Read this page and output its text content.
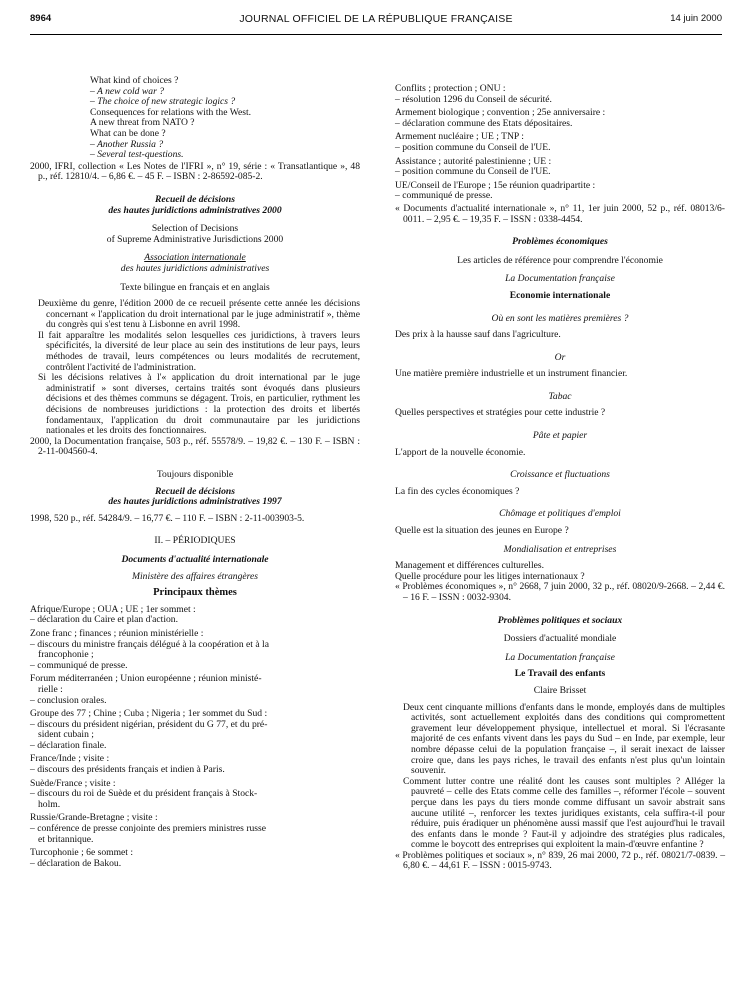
8964	JOURNAL OFFICIEL DE LA RÉPUBLIQUE FRANÇAISE	14 juin 2000
What kind of choices ?
– A new cold war ?
– The choice of new strategic logics ?
Consequences for relations with the West.
A new threat from NATO ?
What can be done ?
– Another Russia ?
– Several test-questions.
2000, IFRI, collection « Les Notes de l'IFRI », n° 19, série : « Transatlantique », 48 p., réf. 12810/4. – 6,86 €. – 45 F. – ISBN : 2-86592-085-2.
Recueil de décisions
des hautes juridictions administratives 2000
Selection of Decisions
of Supreme Administrative Jurisdictions 2000
Association internationale
des hautes juridictions administratives
Texte bilingue en français et en anglais
Deuxième du genre, l'édition 2000 de ce recueil présente cette année les décisions concernant « l'application du droit international par le juge administratif », thème du congrès qui s'est tenu à Lisbonne en avril 1998.
Il fait apparaître les modalités selon lesquelles ces juridictions, à travers leurs spécificités, la diversité de leur place au sein des institutions de leur pays, leurs méthodes de travail, leurs compétences ou leurs modalités de recrutement, contrôlent l'activité de l'administration.
Si les décisions relatives à l'« application du droit international par le juge administratif » sont diverses, certains traités sont évoqués dans plusieurs décisions et des thèmes communs se dégagent. Trois, en particulier, rythment les décisions de nombreuses juridictions : la protection des droits et libertés fondamentaux, l'application du droit communautaire par les juridictions nationales et les droits des fonctionnaires.
2000, la Documentation française, 503 p., réf. 55578/9. – 19,82 €. – 130 F. – ISBN : 2-11-004560-4.
Toujours disponible
Recueil de décisions
des hautes juridictions administratives 1997
1998, 520 p., réf. 54284/9. – 16,77 €. – 110 F. – ISBN : 2-11-003903-5.
II. – PÉRIODIQUES
Documents d'actualité internationale
Ministère des affaires étrangères
Principaux thèmes
Afrique/Europe ; OUA ; UE ; 1er sommet :
– déclaration du Caire et plan d'action.
Zone franc ; finances ; réunion ministérielle :
– discours du ministre français délégué à la coopération et à la
francophonie ;
– communiqué de presse.
Forum méditerranéen ; Union européenne ; réunion ministé-
rielle :
– conclusion orales.
Groupe des 77 ; Chine ; Cuba ; Nigeria ; 1er sommet du Sud :
– discours du président nigérian, président du G 77, et du pré-
sident cubain ;
– déclaration finale.
France/Inde ; visite :
– discours des présidents français et indien à Paris.
Suède/France ; visite :
– discours du roi de Suède et du président français à Stock-
holm.
Russie/Grande-Bretagne ; visite :
– conférence de presse conjointe des premiers ministres russe
et britannique.
Turcophonie ; 6e sommet :
– déclaration de Bakou.
Conflits ; protection ; ONU :
– résolution 1296 du Conseil de sécurité.
Armement biologique ; convention ; 25e anniversaire :
– déclaration commune des Etats dépositaires.
Armement nucléaire ; UE ; TNP :
– position commune du Conseil de l'UE.
Assistance ; autorité palestinienne ; UE :
– position commune du Conseil de l'UE.
UE/Conseil de l'Europe ; 15e réunion quadripartite :
– communiqué de presse.
« Documents d'actualité internationale », n° 11, 1er juin 2000, 52 p., réf. 08013/6-0011. – 2,95 €. – 19,35 F. – ISSN : 0338-4454.
Problèmes économiques
Les articles de référence pour comprendre l'économie
La Documentation française
Economie internationale
Où en sont les matières premières ?
Des prix à la hausse sauf dans l'agriculture.
Or
Une matière première industrielle et un instrument financier.
Tabac
Quelles perspectives et stratégies pour cette industrie ?
Pâte et papier
L'apport de la nouvelle économie.
Croissance et fluctuations
La fin des cycles économiques ?
Chômage et politiques d'emploi
Quelle est la situation des jeunes en Europe ?
Mondialisation et entreprises
Management et différences culturelles.
Quelle procédure pour les litiges internationaux ?
« Problèmes économiques », n° 2668, 7 juin 2000, 32 p., réf. 08020/9-2668. – 2,44 €. – 16 F. – ISSN : 0032-9304.
Problèmes politiques et sociaux
Dossiers d'actualité mondiale
La Documentation française
Le Travail des enfants
Claire Brisset
Deux cent cinquante millions d'enfants dans le monde, employés dans de multiples activités, sont actuellement exploités dans des conditions qui compromettent gravement leur développement physique, intellectuel et moral. Si l'écrasante majorité de ces enfants vivent dans les pays du Sud – en Inde, par exemple, leur nombre dépasse celui de la population française –, il serait inexact de laisser croire que, dans les pays riches, le travail des enfants n'est plus qu'un lointain souvenir.
Comment lutter contre une réalité dont les causes sont multiples ? Alléger la pauvreté – celle des Etats comme celle des familles –, réformer l'école – souvent perçue dans les pays du tiers monde comme diffusant un savoir abstrait sans aucune utilité –, renforcer les textes juridiques existants, cela suffira-t-il pour réduire, puis éradiquer un phénomène aussi massif que l'est aujourd'hui le travail des enfants dans le monde ? Faut-il y adjoindre des stratégies plus radicales, comme le boycott des entreprises qui exploitent la main-d'œuvre enfantine ?
« Problèmes politiques et sociaux », n° 839, 26 mai 2000, 72 p., réf. 08021/7-0839. – 6,80 €. – 44,61 F. – ISSN : 0015-9743.
